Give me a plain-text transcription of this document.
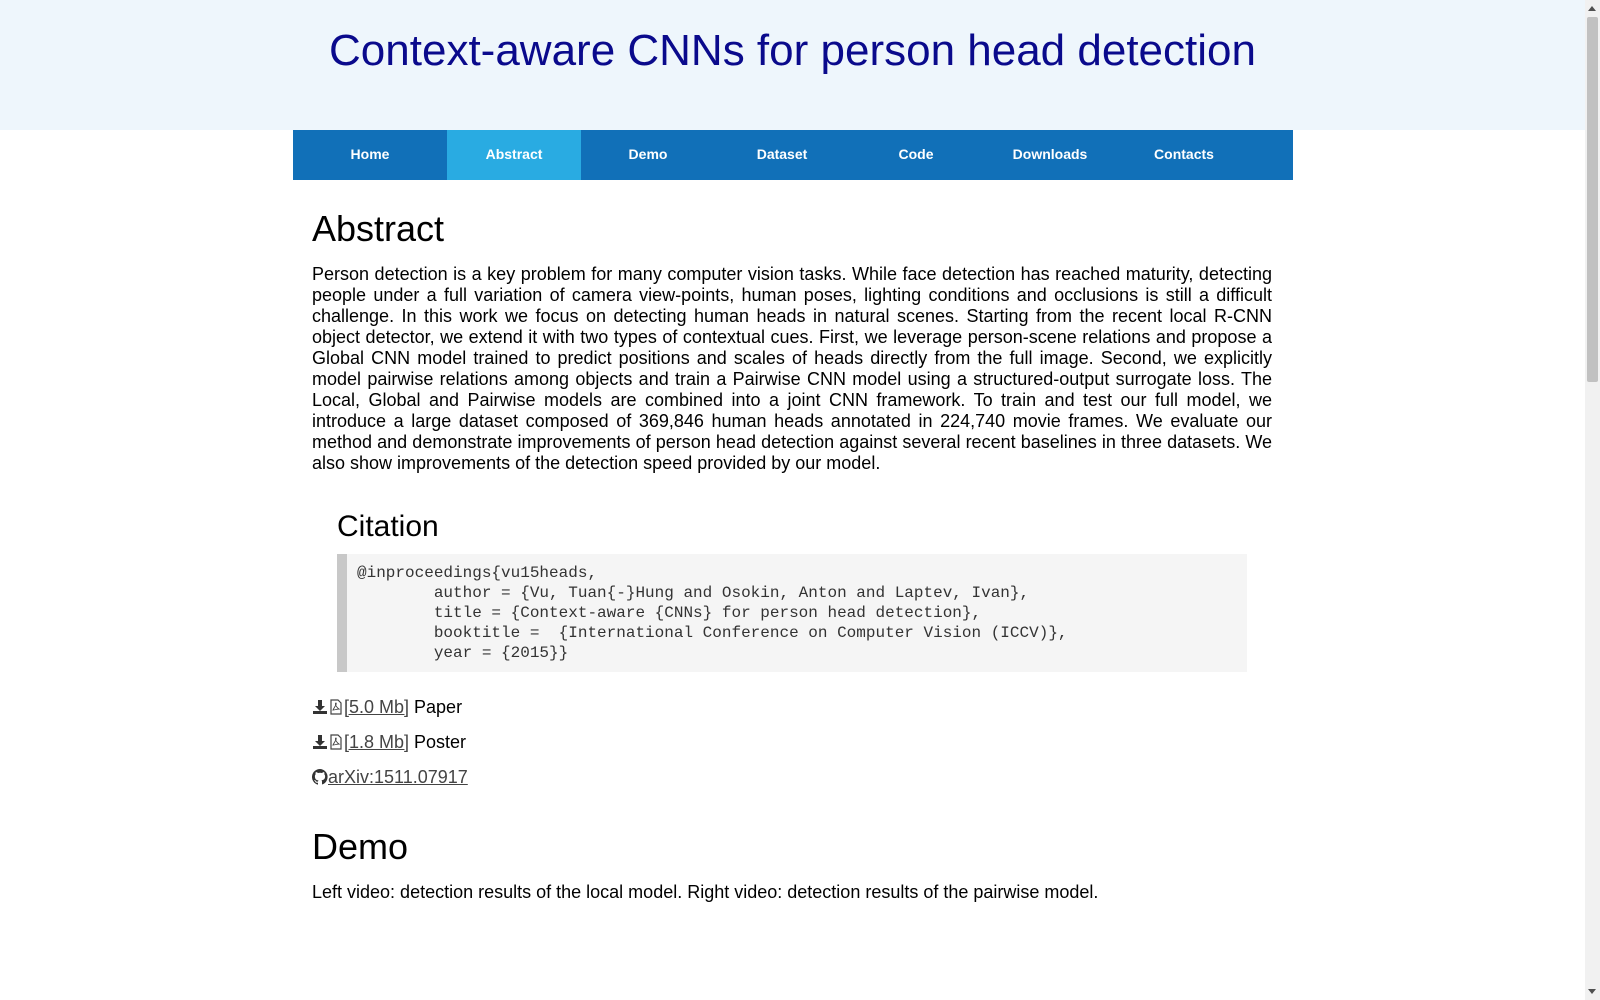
Context-aware CNNs for person head detection
Home	Abstract	Demo	Dataset	Code	Downloads	Contacts
Abstract

Person detection is a key problem for many computer vision tasks. While face detection has reached maturity, detecting people under a full variation of camera view-points, human poses, lighting conditions and occlusions is still a difficult challenge. In this work we focus on detecting human heads in natural scenes. Starting from the recent local R-CNN object detector, we extend it with two types of contextual cues. First, we leverage person-scene relations and propose a Global CNN model trained to predict positions and scales of heads directly from the full image. Second, we explicitly model pairwise relations among objects and train a Pairwise CNN model using a structured-output surrogate loss. The Local, Global and Pairwise models are combined into a joint CNN framework. To train and test our full model, we introduce a large dataset composed of 369,846 human heads annotated in 224,740 movie frames. We evaluate our method and demonstrate improvements of person head detection against several recent baselines in three datasets. We also show improvements of the detection speed provided by our model.

Citation
@inproceedings{vu15heads,
author = {Vu, Tuan{-}Hung and Osokin, Anton and Laptev, Ivan},
title = {Context-aware {CNNs} for person head detection},
booktitle =  {International Conference on Computer Vision (ICCV)},
year = {2015}}
[5.0 Mb] Paper
[1.8 Mb] Poster
arXiv:1511.07917
Demo

Left video: detection results of the local model. Right video: detection results of the pairwise model.
